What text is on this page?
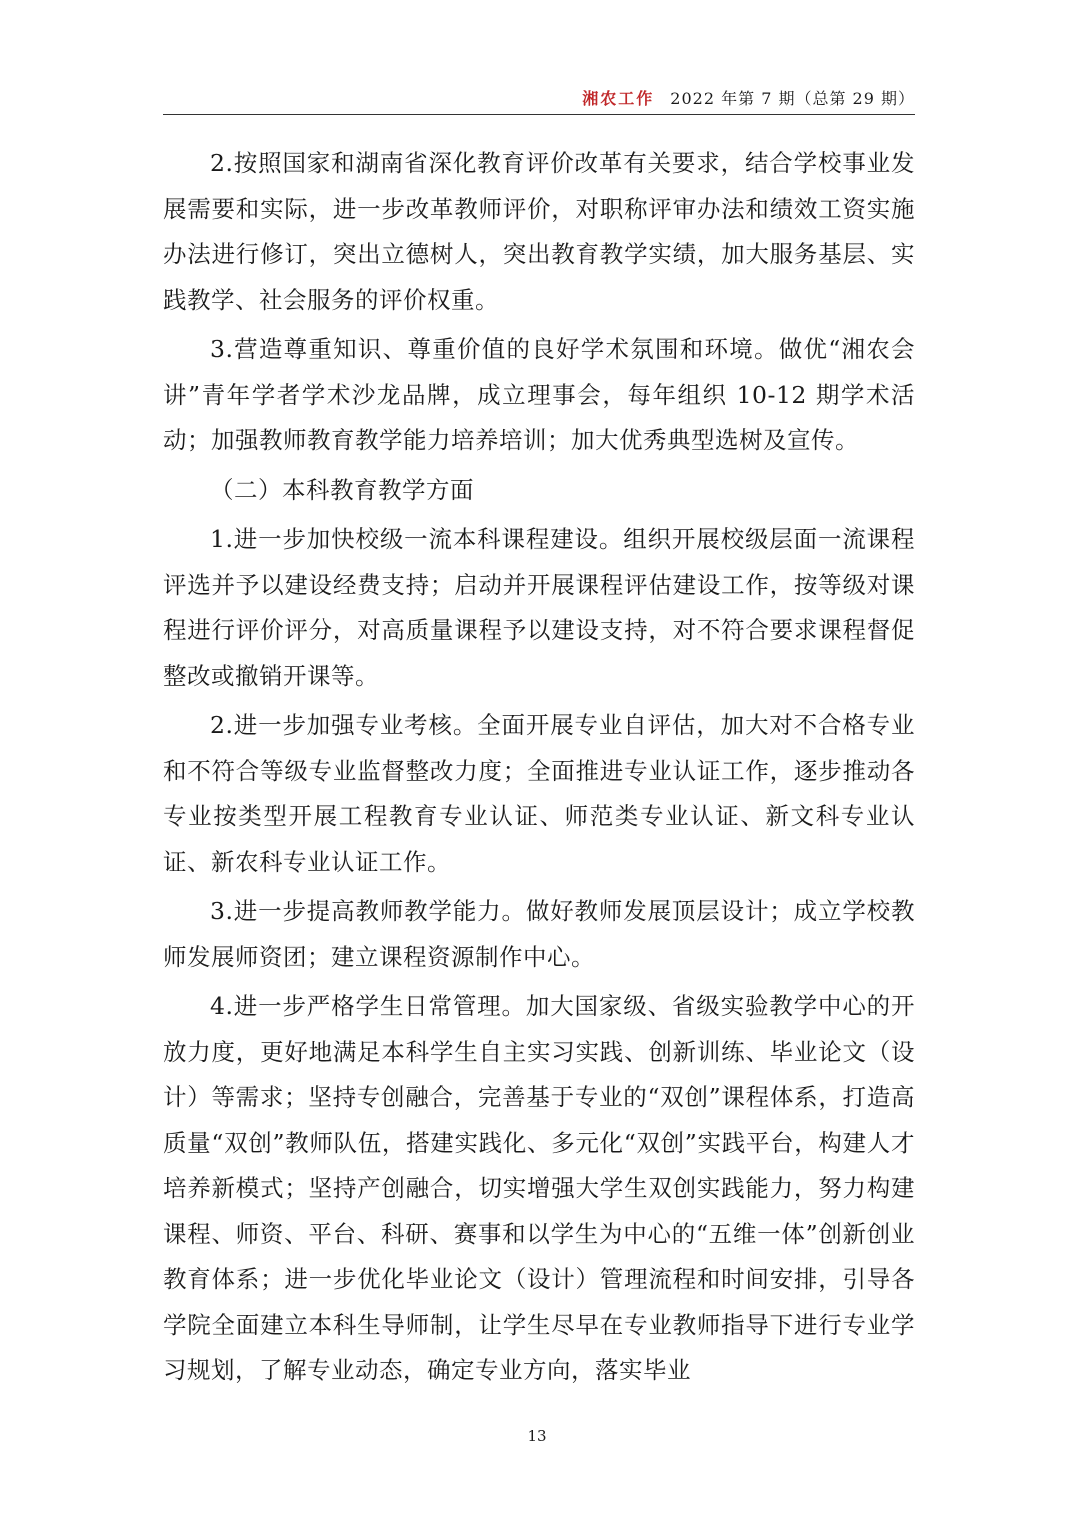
湘农工作 2022 年第 7 期（总第 29 期）

2.按照国家和湖南省深化教育评价改革有关要求，结合学校事业发展需要和实际，进一步改革教师评价，对职称评审办法和绩效工资实施办法进行修订，突出立德树人，突出教育教学实绩，加大服务基层、实践教学、社会服务的评价权重。

3.营造尊重知识、尊重价值的良好学术氛围和环境。做优“湘农会讲”青年学者学术沙龙品牌，成立理事会，每年组织 10-12 期学术活动；加强教师教育教学能力培养培训；加大优秀典型选树及宣传。

（二）本科教育教学方面

1.进一步加快校级一流本科课程建设。组织开展校级层面一流课程评选并予以建设经费支持；启动并开展课程评估建设工作，按等级对课程进行评价评分，对高质量课程予以建设支持，对不符合要求课程督促整改或撤销开课等。

2.进一步加强专业考核。全面开展专业自评估，加大对不合格专业和不符合等级专业监督整改力度；全面推进专业认证工作，逐步推动各专业按类型开展工程教育专业认证、师范类专业认证、新文科专业认证、新农科专业认证工作。

3.进一步提高教师教学能力。做好教师发展顶层设计；成立学校教师发展师资团；建立课程资源制作中心。

4.进一步严格学生日常管理。加大国家级、省级实验教学中心的开放力度，更好地满足本科学生自主实习实践、创新训练、毕业论文（设计）等需求；坚持专创融合，完善基于专业的“双创”课程体系，打造高质量“双创”教师队伍，搭建实践化、多元化“双创”实践平台，构建人才培养新模式；坚持产创融合，切实增强大学生双创实践能力，努力构建课程、师资、平台、科研、赛事和以学生为中心的“五维一体”创新创业教育体系；进一步优化毕业论文（设计）管理流程和时间安排，引导各学院全面建立本科生导师制，让学生尽早在专业教师指导下进行专业学习规划，了解专业动态，确定专业方向，落实毕业

13
